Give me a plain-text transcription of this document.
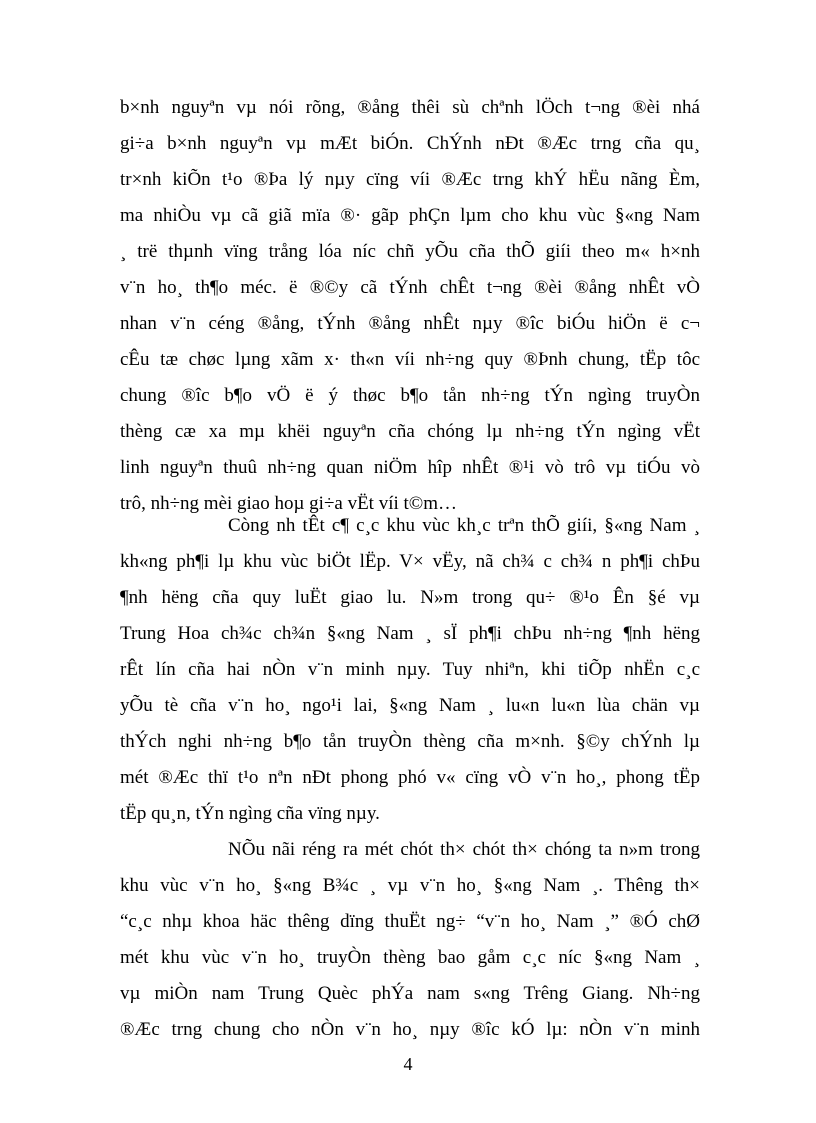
b×nh nguyªn vµ nói rõng, ®ång thêi sù chªnh lÖch t¬ng ®èi nhá
gi÷a b×nh nguyªn vµ mÆt biÓn. ChÝnh nÐt ®Æc trng cña qu¸
tr×nh kiÕn t¹o ®Þa lý nµy cïng víi ®Æc trng khÝ hËu nãng Èm,
ma nhiÒu vµ cã giã mïa ®· gãp phÇn lµm cho khu vùc §«ng Nam
¸ trë thµnh vïng trång lóa níc chñ yÕu cña thÕ giíi theo m« h×nh
v¨n ho¸ th¶o méc. ë ®©y cã tÝnh chÊt t¬ng ®èi ®ång nhÊt vÒ
nhan v¨n céng ®ång, tÝnh ®ång nhÊt nµy ®îc biÓu hiÖn ë c¬
cÊu tæ chøc lµng xãm x· th«n víi nh÷ng quy ®Þnh chung, tËp tôc
chung ®îc b¶o vÖ ë ý thøc b¶o tån nh÷ng tÝn ngìng truyÒn
thèng cæ xa mµ khëi nguyªn cña chóng lµ nh÷ng tÝn ngìng vËt
linh nguyªn thuû nh÷ng quan niÖm hîp nhÊt ®¹i vò trô vµ tiÓu vò
trô, nh÷ng mèi giao hoµ gi÷a vËt víi t©m…
Còng nh tÊt c¶ c¸c khu vùc kh¸c trªn thÕ giíi, §«ng Nam ¸
kh«ng ph¶i lµ khu vùc biÖt lËp. V× vËy, nã ch¾ c ch¾ n ph¶i chÞu
¶nh hëng cña quy luËt giao lu. N»m trong qu÷ ®¹o Ên §é vµ
Trung Hoa ch¾c ch¾n §«ng Nam ¸ sÏ ph¶i chÞu nh÷ng ¶nh hëng
rÊt lín cña hai nÒn v¨n minh nµy. Tuy nhiªn, khi tiÕp nhËn c¸c
yÕu tè cña v¨n ho¸ ngo¹i lai, §«ng Nam ¸ lu«n lu«n lùa chän vµ
thÝch nghi nh÷ng b¶o tån truyÒn thèng cña m×nh. §©y chÝnh lµ
mét ®Æc thï t¹o nªn nÐt phong phó v« cïng vÒ v¨n ho¸, phong tËp
tËp qu¸n, tÝn ngìng cña vïng nµy.
NÕu nãi réng ra mét chót th× chót th× chóng ta n»m trong
khu vùc v¨n ho¸ §«ng B¾c ¸ vµ v¨n ho¸ §«ng Nam ¸. Thêng th×
“c¸c nhµ khoa häc thêng dïng thuËt ng÷ “v¨n ho¸ Nam ¸” ®Ó chØ
mét khu vùc v¨n ho¸ truyÒn thèng bao gåm c¸c níc §«ng Nam ¸
vµ miÒn nam Trung Quèc phÝa nam s«ng Trêng Giang. Nh÷ng
®Æc trng chung cho nÒn v¨n ho¸ nµy ®îc kÓ lµ: nÒn v¨n minh
4
